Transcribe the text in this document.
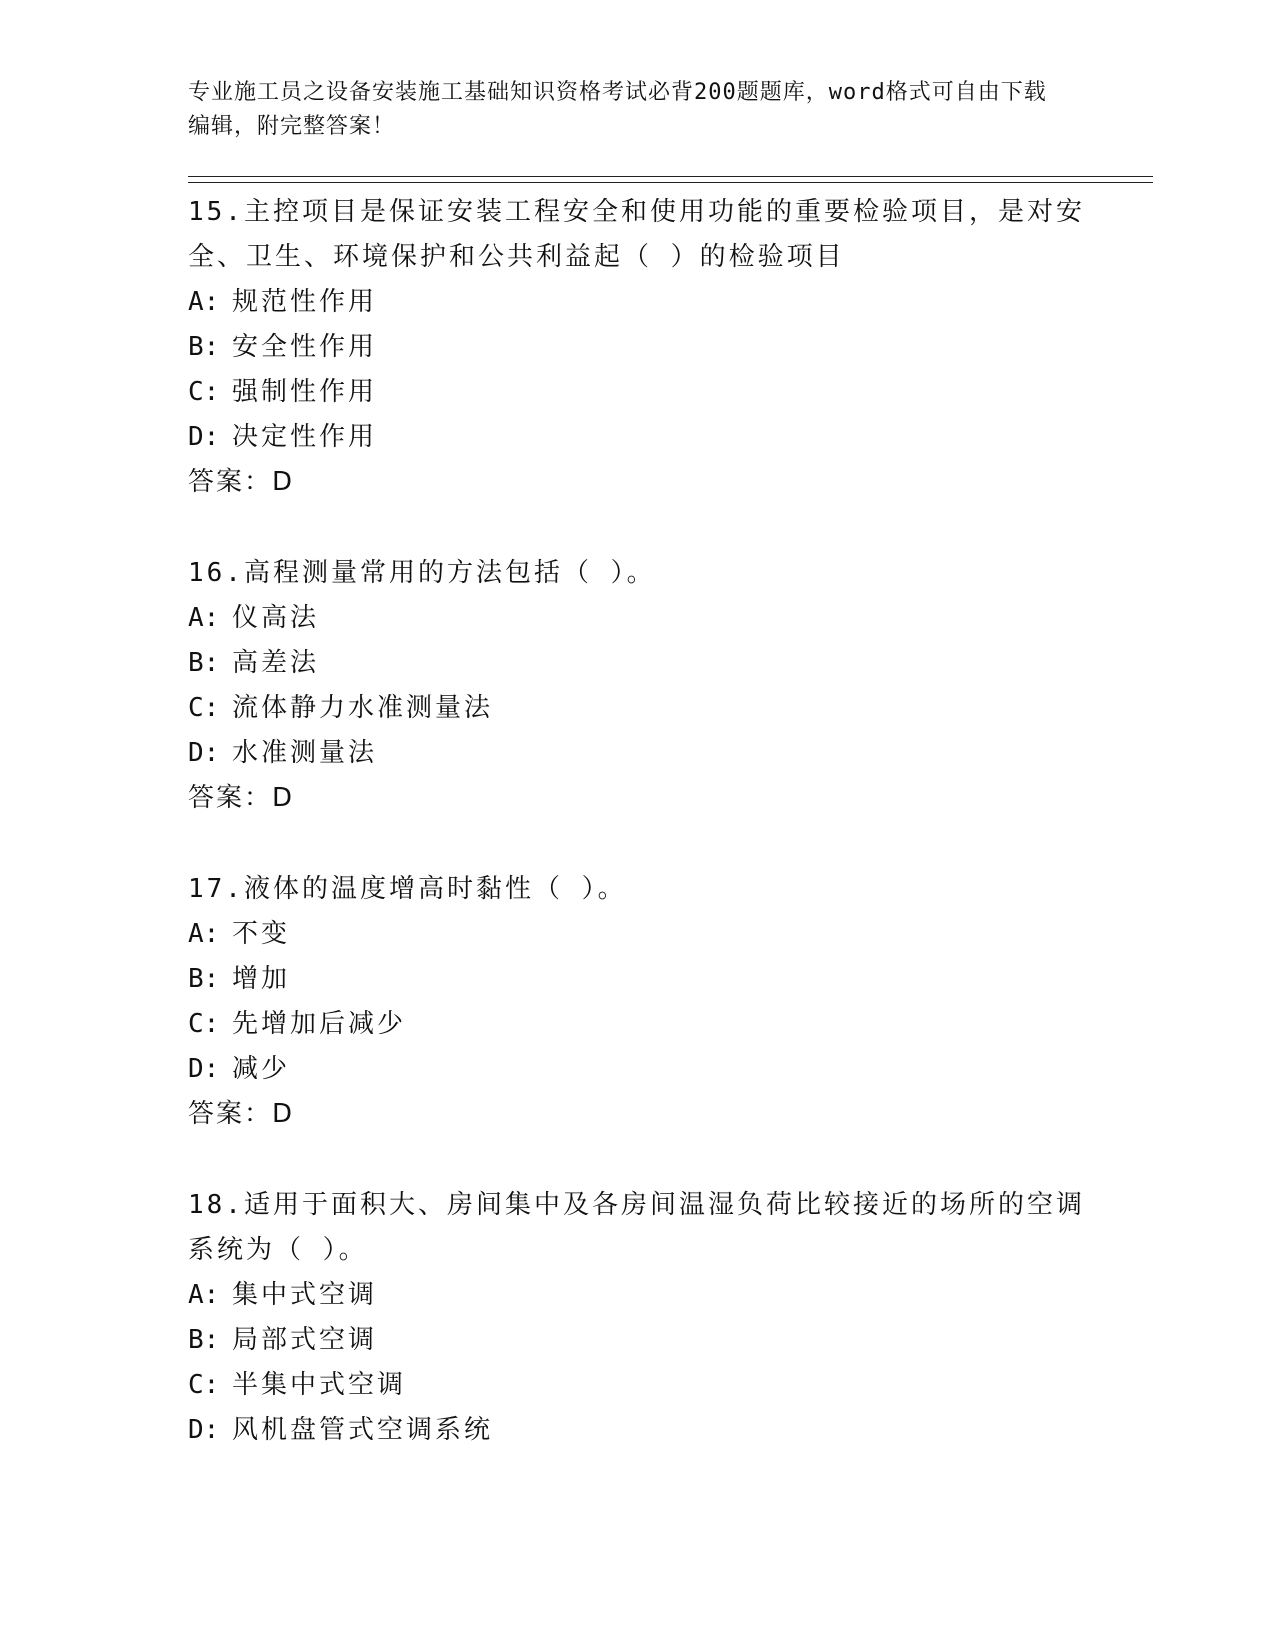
专业施工员之设备安装施工基础知识资格考试必背200题题库，word格式可自由下载编辑，附完整答案！

15.主控项目是保证安装工程安全和使用功能的重要检验项目，是对安全、卫生、环境保护和公共利益起（ ）的检验项目

A: 规范性作用
B: 安全性作用
C: 强制性作用
D: 决定性作用
答案：D

16.高程测量常用的方法包括（ ）。

A: 仪高法
B: 高差法
C: 流体静力水准测量法
D: 水准测量法
答案：D

17.液体的温度增高时黏性（ ）。

A: 不变
B: 增加
C: 先增加后减少
D: 减少
答案：D

18.适用于面积大、房间集中及各房间温湿负荷比较接近的场所的空调系统为（ ）。

A: 集中式空调
B: 局部式空调
C: 半集中式空调
D: 风机盘管式空调系统
